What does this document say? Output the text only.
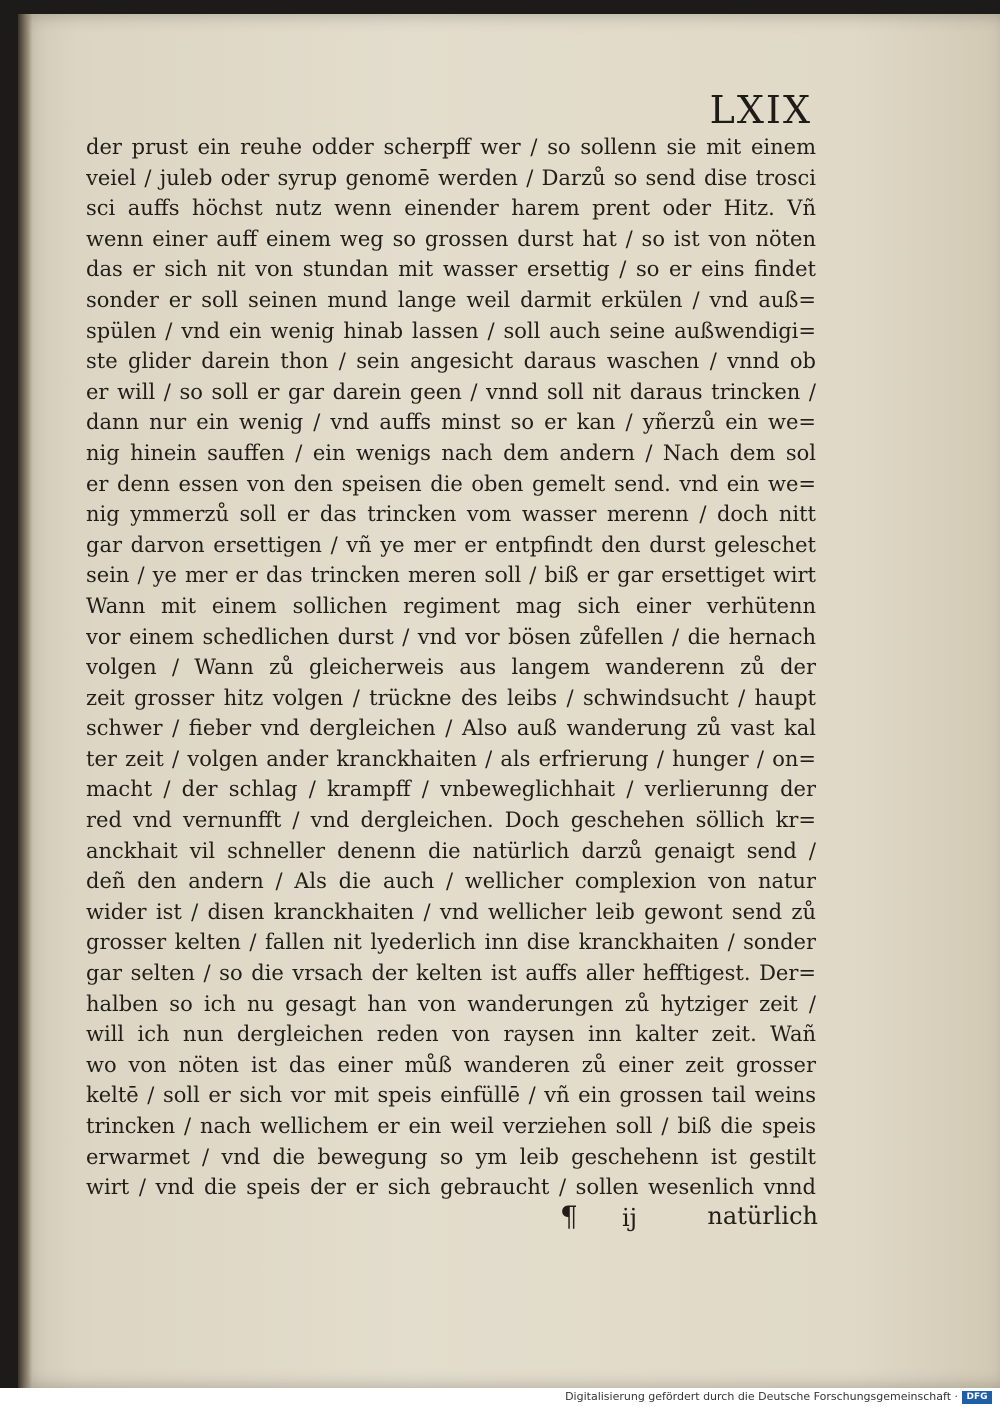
LXIX
der prust ein reuhe odder scherpff wer / so sollenn sie mit einem
veiel / juleb oder syrup genomē werden / Darzů so send dise trosci
sci auffs höchst nutz wenn einender harem prent oder Hitz. Vñ
wenn einer auff einem weg so grossen durst hat / so ist von nöten
das er sich nit von stundan mit wasser ersettig / so er eins findet
sonder er soll seinen mund lange weil darmit erkülen / vnd auß=
spülen / vnd ein wenig hinab lassen / soll auch seine außwendigi=
ste glider darein thon / sein angesicht daraus waschen / vnnd ob
er will / so soll er gar darein geen / vnnd soll nit daraus trincken /
dann nur ein wenig / vnd auffs minst so er kan / yñerzů ein we=
nig hinein sauffen / ein wenigs nach dem andern / Nach dem sol
er denn essen von den speisen die oben gemelt send. vnd ein we=
nig ymmerzů soll er das trincken vom wasser merenn / doch nitt
gar darvon ersettigen / vñ ye mer er entpfindt den durst geleschet
sein / ye mer er das trincken meren soll / biß er gar ersettiget wirt
Wann mit einem sollichen regiment mag sich einer verhütenn
vor einem schedlichen durst / vnd vor bösen zůfellen / die hernach
volgen / Wann zů gleicherweis aus langem wanderenn zů der
zeit grosser hitz volgen / trückne des leibs / schwindsucht / haupt
schwer / fieber vnd dergleichen / Also auß wanderung zů vast kal
ter zeit / volgen ander kranckhaiten / als erfrierung / hunger / on=
macht / der schlag / krampff / vnbeweglichhait / verlierunng der
red vnd vernunfft / vnd dergleichen. Doch geschehen söllich kr=
anckhait vil schneller denenn die natürlich darzů genaigt send /
deñ den andern / Als die auch / wellicher complexion von natur
wider ist / disen kranckhaiten / vnd wellicher leib gewont send zů
grosser kelten / fallen nit lyederlich inn dise kranckhaiten / sonder
gar selten / so die vrsach der kelten ist auffs aller hefftigest. Der=
halben so ich nu gesagt han von wanderungen zů hytziger zeit /
will ich nun dergleichen reden von raysen inn kalter zeit. Wañ
wo von nöten ist das einer můß wanderen zů einer zeit grosser
keltē / soll er sich vor mit speis einfüllē / vñ ein grossen tail weins
trincken / nach wellichem er ein weil verziehen soll / biß die speis
erwarmet / vnd die bewegung so ym leib geschehenn ist gestilt
wirt / vnd die speis der er sich gebraucht / sollen wesenlich vnnd
¶ ij	natürlich
Digitalisierung gefördert durch die Deutsche Forschungsgemeinschaft · DFG
